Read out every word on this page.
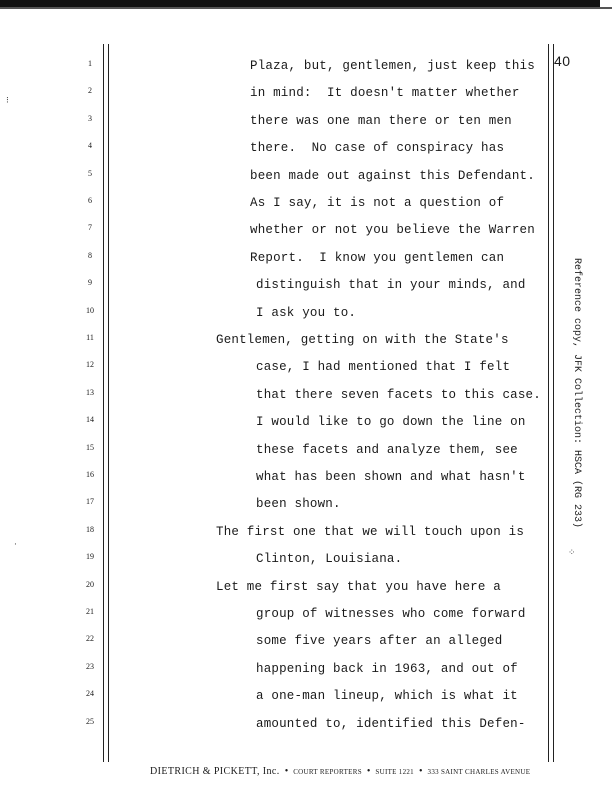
40
1
2
3
4
5
6
7
8
9
10
11
12
13
14
15
16
17
18
19
20
21
22
23
24
25
Plaza, but, gentlemen, just keep this
in mind:  It doesn't matter whether
there was one man there or ten men
there.  No case of conspiracy has
been made out against this Defendant.
As I say, it is not a question of
whether or not you believe the Warren
Report.  I know you gentlemen can
distinguish that in your minds, and
I ask you to.
Gentlemen, getting on with the State's
case, I had mentioned that I felt
that there seven facets to this case.
I would like to go down the line on
these facets and analyze them, see
what has been shown and what hasn't
been shown.
The first one that we will touch upon is
Clinton, Louisiana.
Let me first say that you have here a
group of witnesses who come forward
some five years after an alleged
happening back in 1963, and out of
a one-man lineup, which is what it
amounted to, identified this Defen-
Reference copy, JFK Collection: HSCA (RG 233)
⁝
·
⁘
DIETRICH & PICKETT, Inc. • COURT REPORTERS • SUITE 1221 • 333 SAINT CHARLES AVENUE
